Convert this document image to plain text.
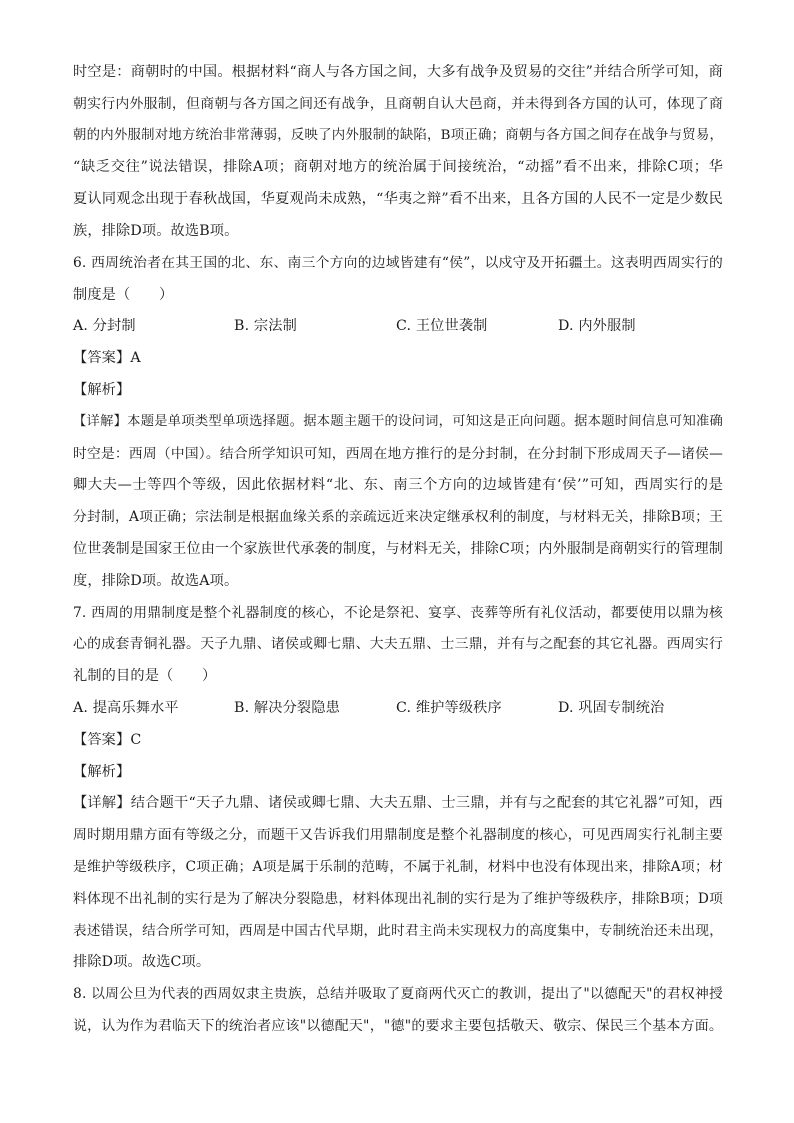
时空是：商朝时的中国。根据材料“商人与各方国之间，大多有战争及贸易的交往”并结合所学可知，商
朝实行内外服制，但商朝与各方国之间还有战争，且商朝自认大邑商，并未得到各方国的认可，体现了商
朝的内外服制对地方统治非常薄弱，反映了内外服制的缺陷，B项正确；商朝与各方国之间存在战争与贸易，
“缺乏交往”说法错误，排除A项；商朝对地方的统治属于间接统治，“动摇”看不出来，排除C项；华
夏认同观念出现于春秋战国，华夏观尚未成熟，“华夷之辩”看不出来，且各方国的人民不一定是少数民
族，排除D项。故选B项。
6. 西周统治者在其王国的北、东、南三个方向的边域皆建有“侯”，以戍守及开拓疆土。这表明西周实行的
制度是（　　）
A. 分封制	B. 宗法制	C. 王位世袭制	D. 内外服制
【答案】A
【解析】
【详解】本题是单项类型单项选择题。据本题主题干的设问词，可知这是正向问题。据本题时间信息可知准确
时空是：西周（中国）。结合所学知识可知，西周在地方推行的是分封制，在分封制下形成周天子—诸侯—
卿大夫—士等四个等级，因此依据材料“北、东、南三个方向的边域皆建有‘侯’”可知，西周实行的是
分封制，A项正确；宗法制是根据血缘关系的亲疏远近来决定继承权利的制度，与材料无关，排除B项；王
位世袭制是国家王位由一个家族世代承袭的制度，与材料无关，排除C项；内外服制是商朝实行的管理制
度，排除D项。故选A项。
7. 西周的用鼎制度是整个礼器制度的核心，不论是祭祀、宴享、丧葬等所有礼仪活动，都要使用以鼎为核
心的成套青铜礼器。天子九鼎、诸侯或卿七鼎、大夫五鼎、士三鼎，并有与之配套的其它礼器。西周实行
礼制的目的是（　　）
A. 提高乐舞水平	B. 解决分裂隐患	C. 维护等级秩序	D. 巩固专制统治
【答案】C
【解析】
【详解】结合题干“天子九鼎、诸侯或卿七鼎、大夫五鼎、士三鼎，并有与之配套的其它礼器”可知，西
周时期用鼎方面有等级之分，而题干又告诉我们用鼎制度是整个礼器制度的核心，可见西周实行礼制主要
是维护等级秩序，C项正确；A项是属于乐制的范畴，不属于礼制，材料中也没有体现出来，排除A项；材
料体现不出礼制的实行是为了解决分裂隐患，材料体现出礼制的实行是为了维护等级秩序，排除B项；D项
表述错误，结合所学可知，西周是中国古代早期，此时君主尚未实现权力的高度集中，专制统治还未出现，
排除D项。故选C项。
8. 以周公旦为代表的西周奴隶主贵族，总结并吸取了夏商两代灭亡的教训，提出了"以德配天"的君权神授
说，认为作为君临天下的统治者应该"以德配天"，"德"的要求主要包括敬天、敬宗、保民三个基本方面。
